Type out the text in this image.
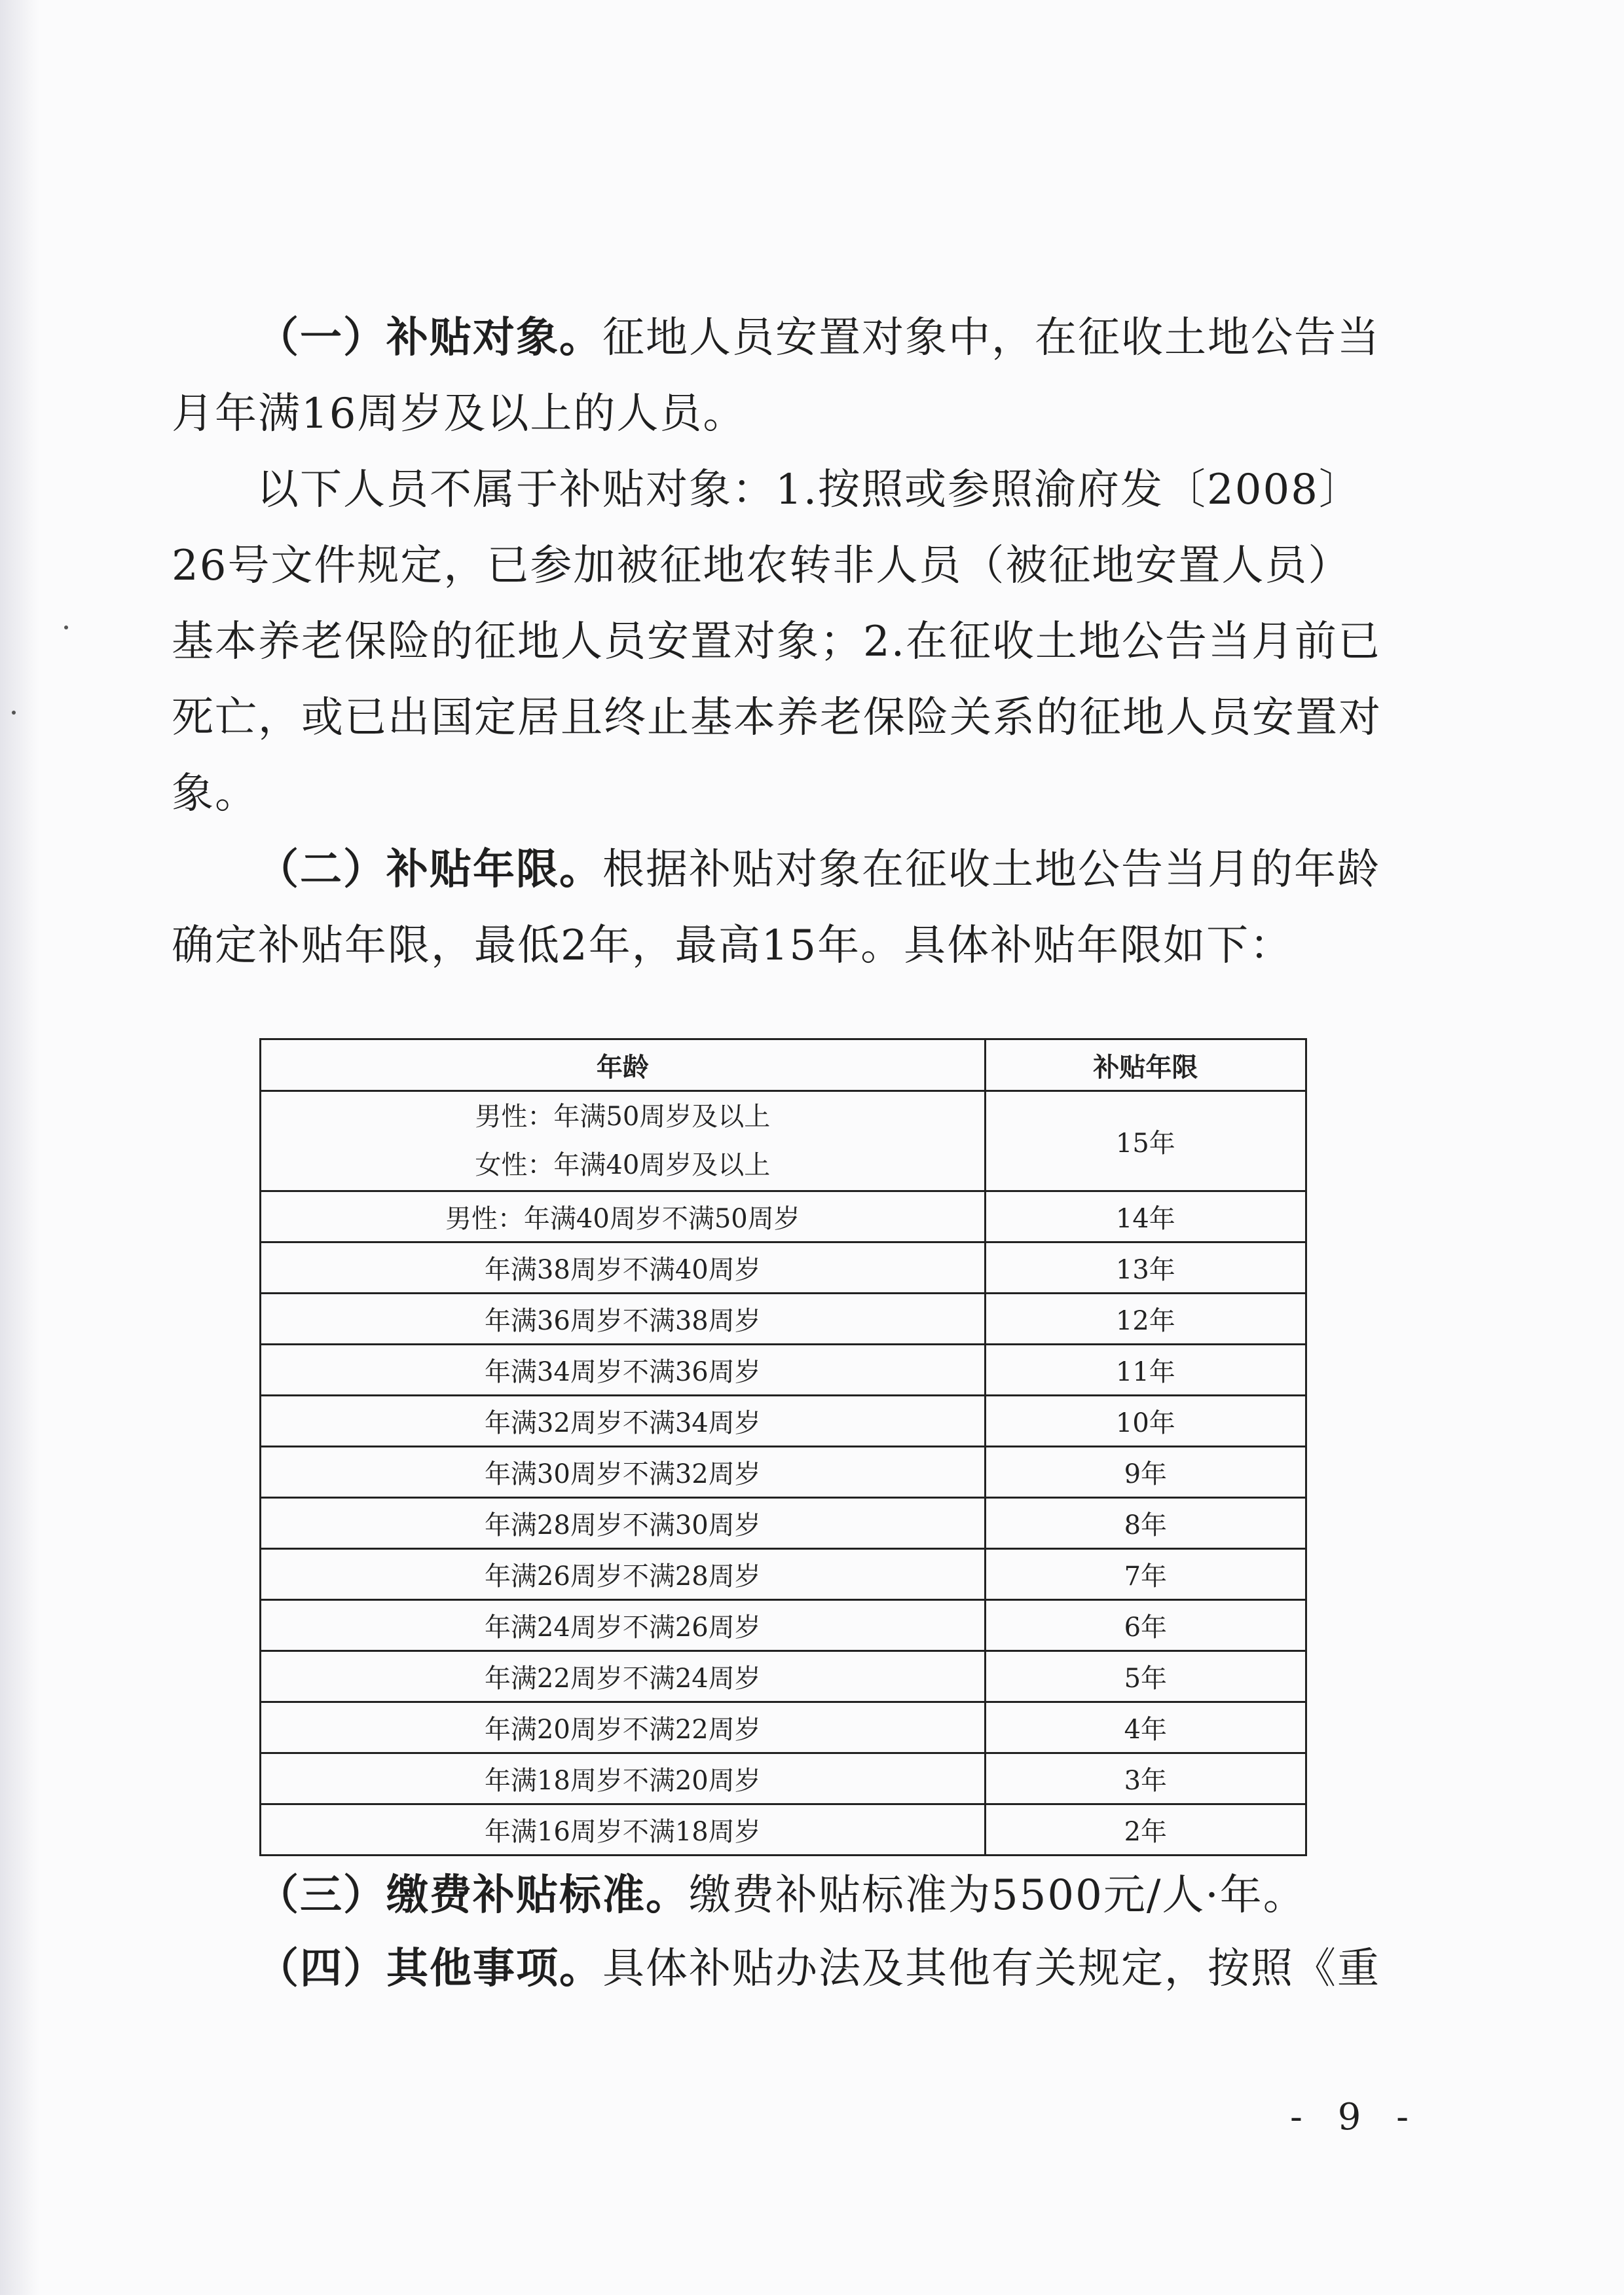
（一）补贴对象。征地人员安置对象中，在征收土地公告当月年满16周岁及以上的人员。

以下人员不属于补贴对象：1.按照或参照渝府发〔2008〕26号文件规定，已参加被征地农转非人员（被征地安置人员）基本养老保险的征地人员安置对象；2.在征收土地公告当月前已死亡，或已出国定居且终止基本养老保险关系的征地人员安置对象。

（二）补贴年限。根据补贴对象在征收土地公告当月的年龄确定补贴年限，最低2年，最高15年。具体补贴年限如下：

年龄	补贴年限

男性：年满50周岁及以上
女性：年满40周岁及以上	15年
男性：年满40周岁不满50周岁	14年
年满38周岁不满40周岁	13年
年满36周岁不满38周岁	12年
年满34周岁不满36周岁	11年
年满32周岁不满34周岁	10年
年满30周岁不满32周岁	9年
年满28周岁不满30周岁	8年
年满26周岁不满28周岁	7年
年满24周岁不满26周岁	6年
年满22周岁不满24周岁	5年
年满20周岁不满22周岁	4年
年满18周岁不满20周岁	3年
年满16周岁不满18周岁	2年

（三）缴费补贴标准。缴费补贴标准为5500元/人·年。

（四）其他事项。具体补贴办法及其他有关规定，按照《重

- 9 -
